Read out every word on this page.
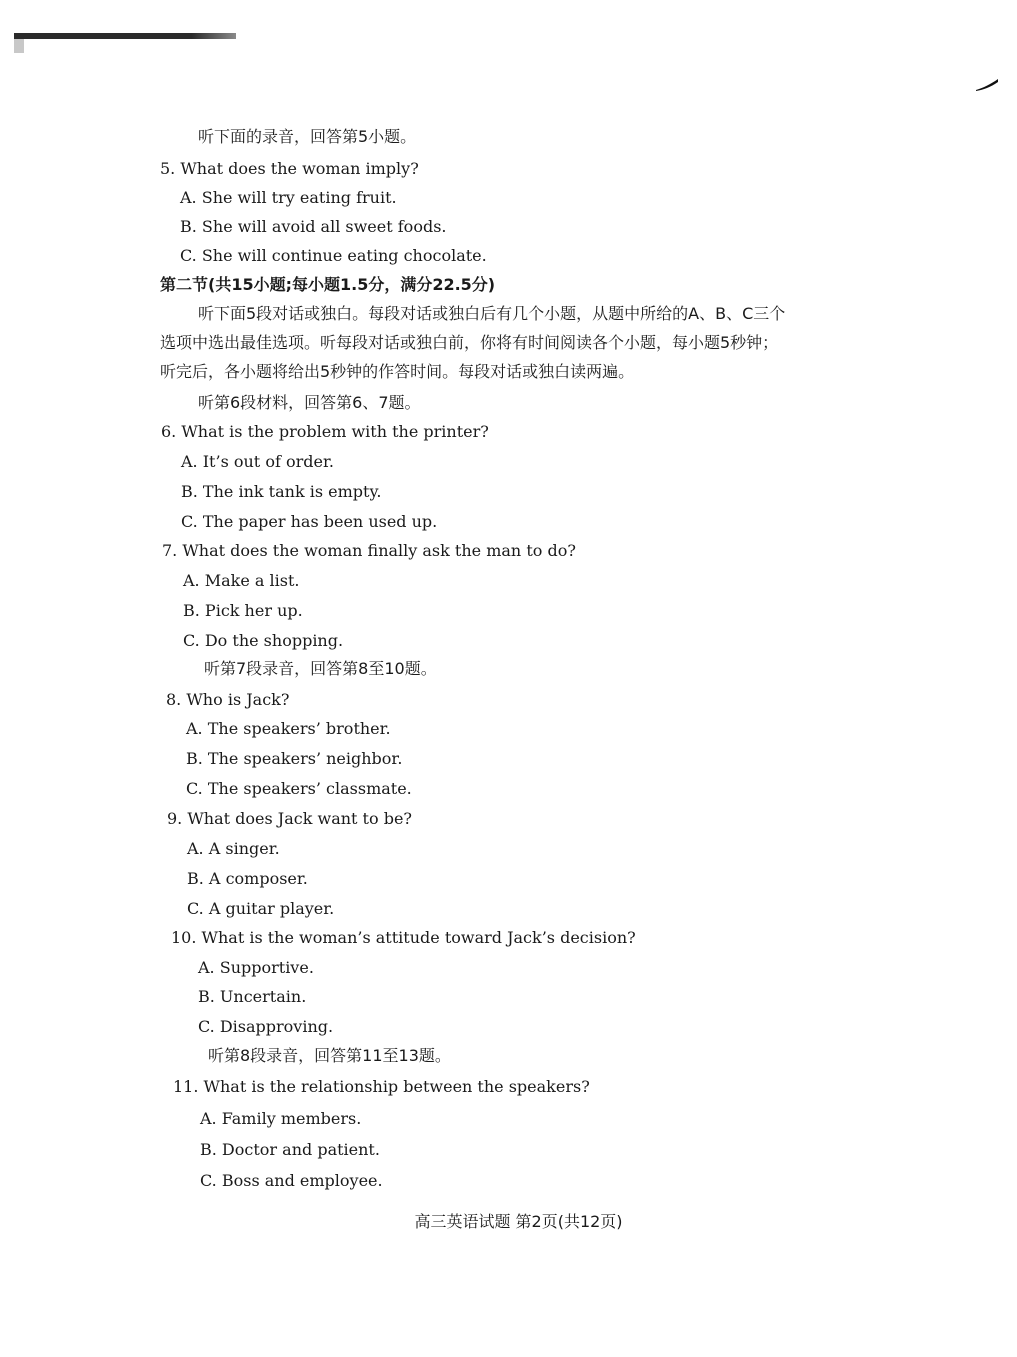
听下面的录音，回答第5小题。
5. What does the woman imply?
A. She will try eating fruit.
B. She will avoid all sweet foods.
C. She will continue eating chocolate.
第二节(共15小题;每小题1.5分，满分22.5分)
听下面5段对话或独白。每段对话或独白后有几个小题，从题中所给的A、B、C三个
选项中选出最佳选项。听每段对话或独白前，你将有时间阅读各个小题，每小题5秒钟；
听完后，各小题将给出5秒钟的作答时间。每段对话或独白读两遍。
听第6段材料，回答第6、7题。
6. What is the problem with the printer?
A. It’s out of order.
B. The ink tank is empty.
C. The paper has been used up.
7. What does the woman finally ask the man to do?
A. Make a list.
B. Pick her up.
C. Do the shopping.
听第7段录音，回答第8至10题。
8. Who is Jack?
A. The speakers’ brother.
B. The speakers’ neighbor.
C. The speakers’ classmate.
9. What does Jack want to be?
A. A singer.
B. A composer.
C. A guitar player.
10. What is the woman’s attitude toward Jack’s decision?
A. Supportive.
B. Uncertain.
C. Disapproving.
听第8段录音，回答第11至13题。
11. What is the relationship between the speakers?
A. Family members.
B. Doctor and patient.
C. Boss and employee.
高三英语试题 第2页(共12页)
